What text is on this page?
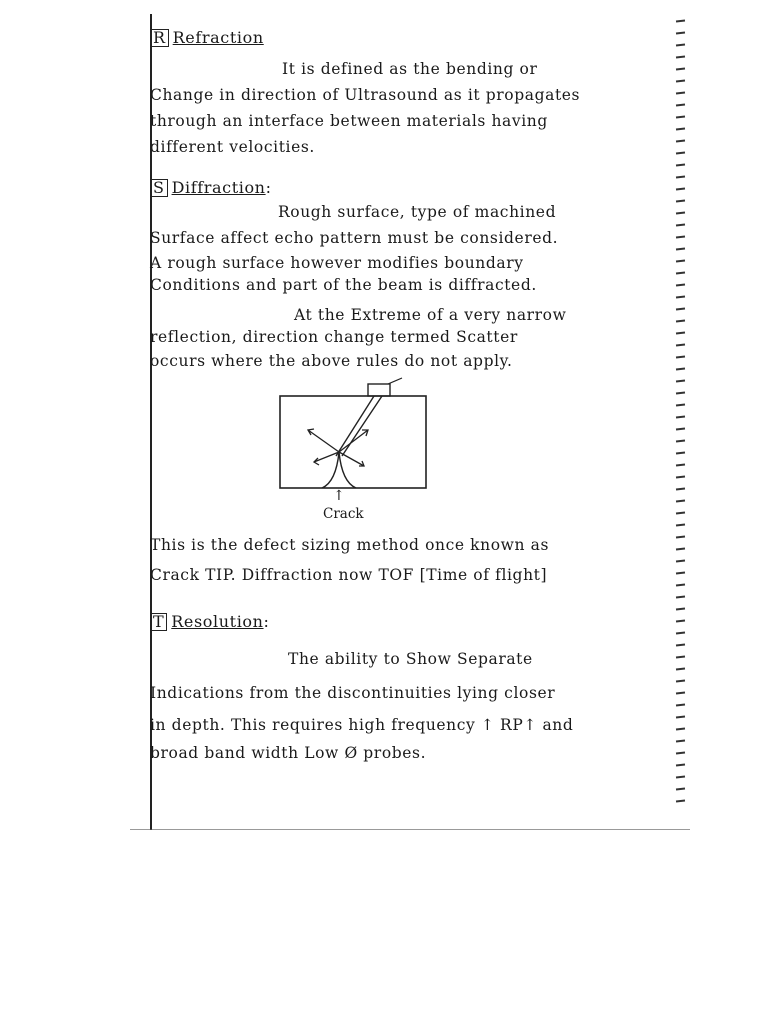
R Refraction
It is defined as the bending or
Change in direction of Ultrasound as it propagates
through an interface between materials having
different velocities.
S Diffraction:
Rough surface, type of machined
Surface affect echo pattern must be considered.
A rough surface however modifies boundary
Conditions and part of the beam is diffracted.
At the Extreme of a very narrow
reflection, direction change termed Scatter
occurs where the above rules do not apply.
↑
Crack
This is the defect sizing method once known as
Crack TIP. Diffraction now TOF [Time of flight]
T Resolution:
The ability to Show Separate
Indications from the discontinuities lying closer
in depth. This requires high frequency ↑ RP↑ and
broad band width Low Ø probes.
